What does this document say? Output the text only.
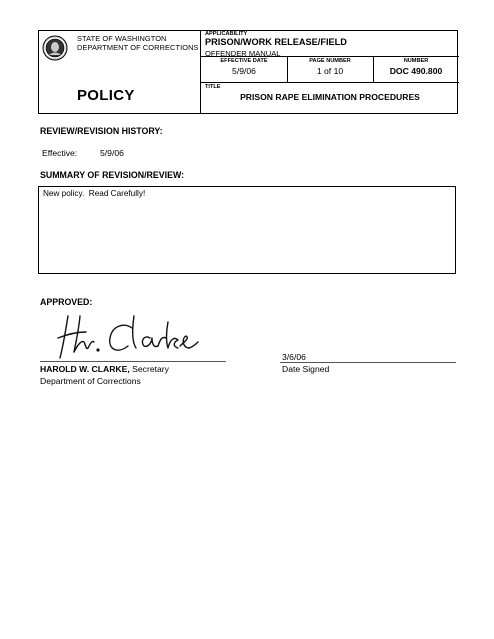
STATE OF WASHINGTON
DEPARTMENT OF CORRECTIONS
POLICY
APPLICABILITY
PRISON/WORK RELEASE/FIELD
OFFENDER MANUAL
EFFECTIVE DATE
5/9/06
PAGE NUMBER
1 of 10
NUMBER
DOC 490.800
TITLE
PRISON RAPE ELIMINATION PROCEDURES
REVIEW/REVISION HISTORY:
Effective:	5/9/06
SUMMARY OF REVISION/REVIEW:
New policy.  Read Carefully!
APPROVED:
HAROLD W. CLARKE, Secretary
Department of Corrections
3/6/06
Date Signed
